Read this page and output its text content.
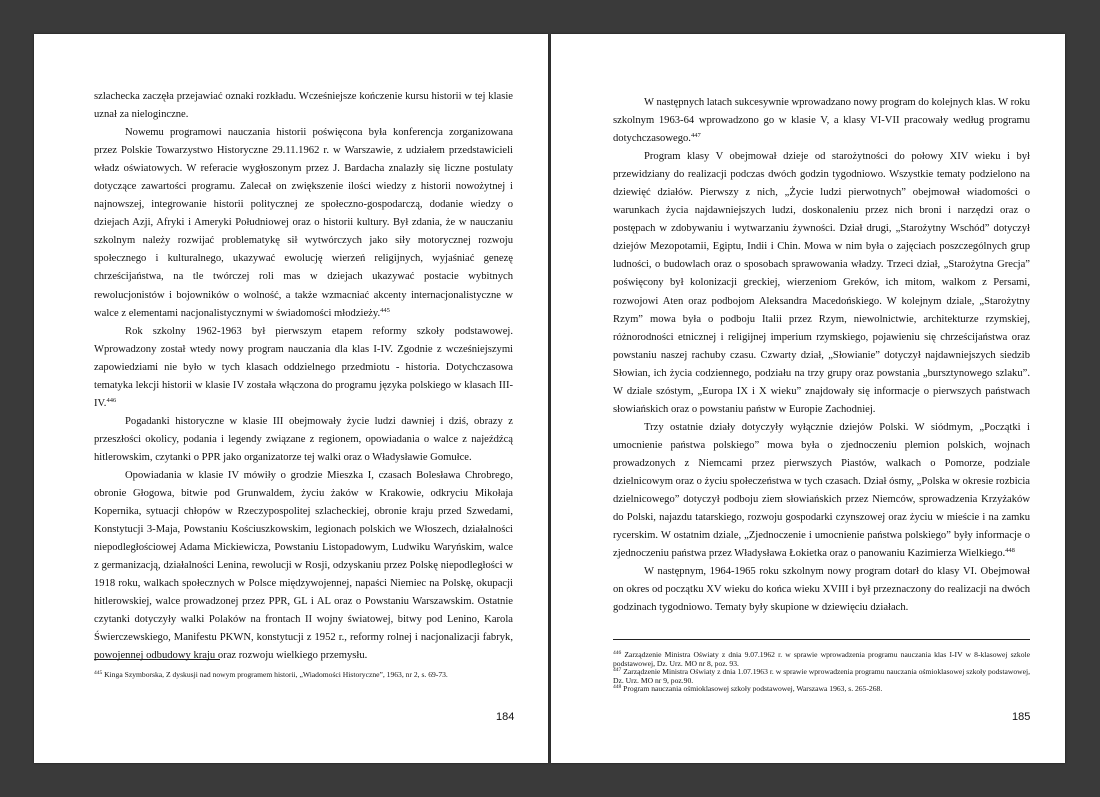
szlachecka zaczęła przejawiać oznaki rozkładu. Wcześniejsze kończenie kursu historii w tej klasie uznał za nieloginczne.

Nowemu programowi nauczania historii poświęcona była konferencja zorganizowana przez Polskie Towarzystwo Historyczne 29.11.1962 r. w Warszawie, z udziałem przedstawicieli władz oświatowych. W referacie wygłoszonym przez J. Bardacha znalazły się liczne postulaty dotyczące zawartości programu. Zalecał on zwiększenie ilości wiedzy z historii nowożytnej i najnowszej, integrowanie historii politycznej ze społeczno-gospodarczą, dodanie wiedzy o dziejach Azji, Afryki i Ameryki Południowej oraz o historii kultury. Był zdania, że w nauczaniu szkolnym należy rozwijać problematykę sił wytwórczych jako siły motorycznej rozwoju społecznego i kulturalnego, ukazywać ewolucję wierzeń religijnych, wyjaśniać genezę chrześcijaństwa, na tle twórczej roli mas w dziejach ukazywać postacie wybitnych rewolucjonistów i bojowników o wolność, a także wzmacniać akcenty internacjonalistyczne w walce z elementami nacjonalistycznymi w świadomości młodzieży.$^{445}$

Rok szkolny 1962-1963 był pierwszym etapem reformy szkoły podstawowej. Wprowadzony został wtedy nowy program nauczania dla klas I-IV. Zgodnie z wcześniejszymi zapowiedziami nie było w tych klasach oddzielnego przedmiotu - historia. Dotychczasowa tematyka lekcji historii w klasie IV została włączona do programu języka polskiego w klasach III-IV.$^{446}$

Pogadanki historyczne w klasie III obejmowały życie ludzi dawniej i dziś, obrazy z przeszłości okolicy, podania i legendy związane z regionem, opowiadania o walce z najeźdźcą hitlerowskim, czytanki o PPR jako organizatorze tej walki oraz o Władysławie Gomułce.

Opowiadania w klasie IV mówiły o grodzie Mieszka I, czasach Bolesława Chrobrego, obronie Głogowa, bitwie pod Grunwaldem, życiu żaków w Krakowie, odkryciu Mikołaja Kopernika, sytuacji chłopów w Rzeczypospolitej szlacheckiej, obronie kraju przed Szwedami, Konstytucji 3-Maja, Powstaniu Kościuszkowskim, legionach polskich we Włoszech, działalności niepodległościowej Adama Mickiewicza, Powstaniu Listopadowym, Ludwiku Waryńskim, walce z germanizacją, działalności Lenina, rewolucji w Rosji, odzyskaniu przez Polskę niepodległości w 1918 roku, walkach społecznych w Polsce międzywojennej, napaści Niemiec na Polskę, okupacji hitlerowskiej, walce prowadzonej przez PPR, GL i AL oraz o Powstaniu Warszawskim. Ostatnie czytanki dotyczyły walki Polaków na frontach II wojny światowej, bitwy pod Lenino, Karola Świerczewskiego, Manifestu PKWN, konstytucji z 1952 r., reformy rolnej i nacjonalizacji fabryk, powojennej odbudowy kraju oraz rozwoju wielkiego przemysłu.

$^{445}$ Kinga Szymborska, Z dyskusji nad nowym programem historii, „Wiadomości Historyczne”, 1963, nr 2, s. 69-73.

184

W następnych latach sukcesywnie wprowadzano nowy program do kolejnych klas. W roku szkolnym 1963-64 wprowadzono go w klasie V, a klasy VI-VII pracowały według programu dotychczasowego.$^{447}$

Program klasy V obejmował dzieje od starożytności do połowy XIV wieku i był przewidziany do realizacji podczas dwóch godzin tygodniowo. Wszystkie tematy podzielono na dziewięć działów. Pierwszy z nich, „Życie ludzi pierwotnych” obejmował wiadomości o warunkach życia najdawniejszych ludzi, doskonaleniu przez nich broni i narzędzi oraz o postępach w zdobywaniu i wytwarzaniu żywności. Dział drugi, „Starożytny Wschód” dotyczył dziejów Mezopotamii, Egiptu, Indii i Chin. Mowa w nim była o zajęciach poszczególnych grup ludności, o budowlach oraz o sposobach sprawowania władzy. Trzeci dział, „Starożytna Grecja” poświęcony był kolonizacji greckiej, wierzeniom Greków, ich mitom, walkom z Persami, rozwojowi Aten oraz podbojom Aleksandra Macedońskiego. W kolejnym dziale, „Starożytny Rzym” mowa była o podboju Italii przez Rzym, niewolnictwie, architekturze rzymskiej, różnorodności etnicznej i religijnej imperium rzymskiego, pojawieniu się chrześcijaństwa oraz powstaniu naszej rachuby czasu. Czwarty dział, „Słowianie” dotyczył najdawniejszych siedzib Słowian, ich życia codziennego, podziału na trzy grupy oraz powstania „bursztynowego szlaku”. W dziale szóstym, „Europa IX i X wieku” znajdowały się informacje o pierwszych państwach słowiańskich oraz o powstaniu państw w Europie Zachodniej.

Trzy ostatnie działy dotyczyły wyłącznie dziejów Polski. W siódmym, „Początki i umocnienie państwa polskiego” mowa była o zjednoczeniu plemion polskich, wojnach prowadzonych z Niemcami przez pierwszych Piastów, walkach o Pomorze, podziale dzielnicowym oraz o życiu społeczeństwa w tych czasach. Dział ósmy, „Polska w okresie rozbicia dzielnicowego” dotyczył podboju ziem słowiańskich przez Niemców, sprowadzenia Krzyżaków do Polski, najazdu tatarskiego, rozwoju gospodarki czynszowej oraz życiu w mieście i na zamku rycerskim. W ostatnim dziale, „Zjednoczenie i umocnienie państwa polskiego” były informacje o zjednoczeniu państwa przez Władysława Łokietka oraz o panowaniu Kazimierza Wielkiego.$^{448}$

W następnym, 1964-1965 roku szkolnym nowy program dotarł do klasy VI. Obejmował on okres od początku XV wieku do końca wieku XVIII i był przeznaczony do realizacji na dwóch godzinach tygodniowo. Tematy były skupione w dziewięciu działach.

$^{446}$ Zarządzenie Ministra Oświaty z dnia 9.07.1962 r. w sprawie wprowadzenia programu nauczania klas I-IV w 8-klasowej szkole podstawowej, Dz. Urz. MO nr 8, poz. 93.

$^{447}$ Zarządzenie Ministra Oświaty z dnia 1.07.1963 r. w sprawie wprowadzenia programu nauczania ośmioklasowej szkoły podstawowej, Dz. Urz. MO nr 9, poz.90.

$^{448}$ Program nauczania ośmioklasowej szkoły podstawowej, Warszawa 1963, s. 265-268.

185
